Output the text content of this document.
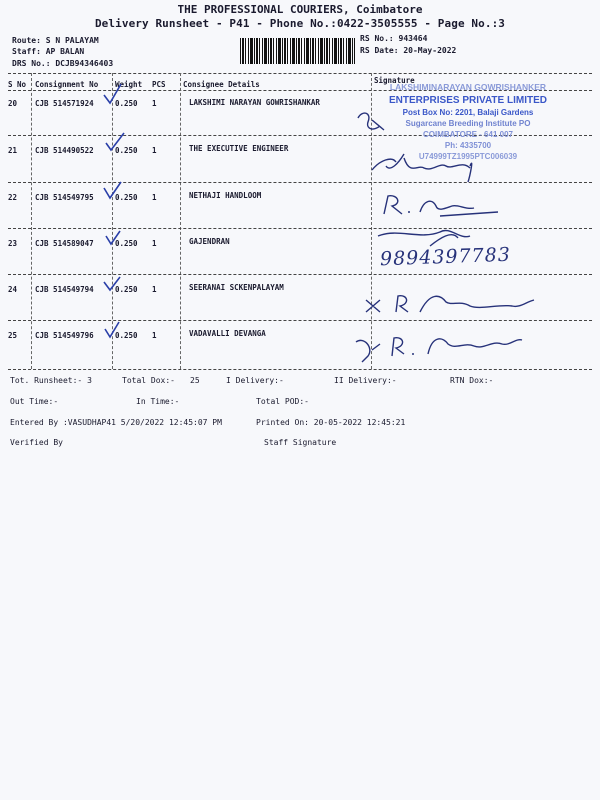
THE PROFESSIONAL COURIERS, Coimbatore
Delivery Runsheet - P41 - Phone No.:0422-3505555 - Page No.:3
Route: S N PALAYAM
Staff: AP BALAN
DRS No.: DCJB94346403
RS No.: 943464
RS Date: 20-May-2022
S No Consignment No Weight PCS Consignee Details	Signature
20 CJB 514571924	0.250 1	LAKSHIMI NARAYAN GOWRISHANKAR
21 CJB 514490522	0.250 1	THE EXECUTIVE ENGINEER
22 CJB 514549795	0.250 1	NETHAJI HANDLOOM
23 CJB 514589047	0.250 1	GAJENDRAN
24 CJB 514549794	0.250 1	SEERANAI SCKENPALAYAM
25 CJB 514549796	0.250 1	VADAVALLI DEVANGA
LAKSHIMINARAYAN GOWRISHANKER
ENTERPRISES PRIVATE LIMITED
Post Box No: 2201, Balaji Gardens
Sugarcane Breeding Institute PO
COIMBATORE - 641 007
Ph: 4335700
U74999TZ1995PTC006039
9894397783
Tot. Runsheet:- 3	Total Dox:- 25	I Delivery:-	II Delivery:-	RTN Dox:-
Out Time:-	In Time:-	Total POD:-
Entered By :VASUDHAP41 5/20/2022 12:45:07 PM	Printed On: 20-05-2022 12:45:21
Verified By	Staff Signature
